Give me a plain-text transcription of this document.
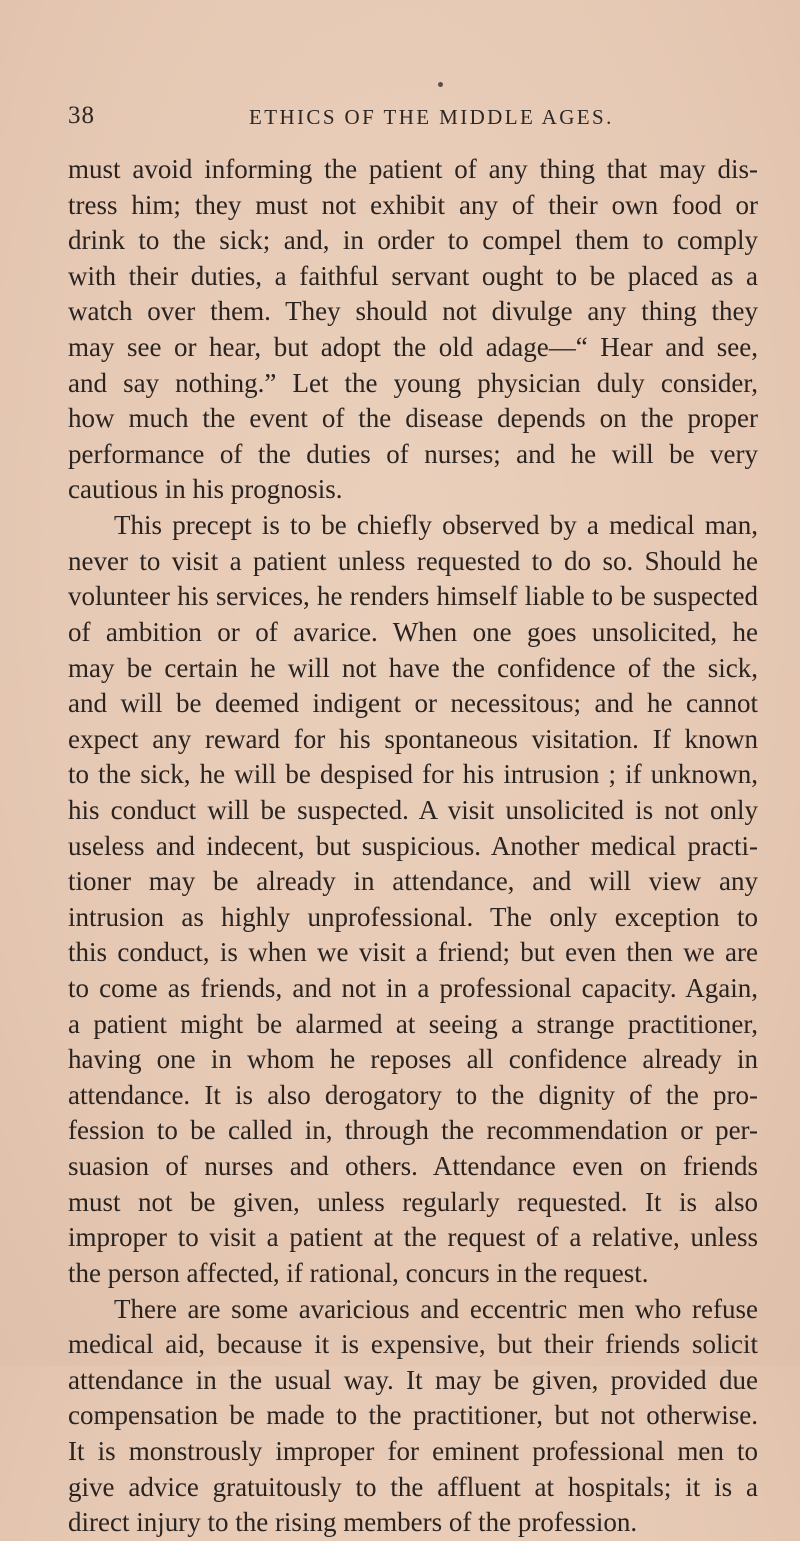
38	ETHICS OF THE MIDDLE AGES.
must avoid informing the patient of any thing that may dis-
tress him; they must not exhibit any of their own food or
drink to the sick; and, in order to compel them to comply
with their duties, a faithful servant ought to be placed as a
watch over them. They should not divulge any thing they
may see or hear, but adopt the old adage—“ Hear and see,
and say nothing.” Let the young physician duly consider,
how much the event of the disease depends on the proper
performance of the duties of nurses; and he will be very
cautious in his prognosis.
This precept is to be chiefly observed by a medical man,
never to visit a patient unless requested to do so. Should he
volunteer his services, he renders himself liable to be suspected
of ambition or of avarice. When one goes unsolicited, he
may be certain he will not have the confidence of the sick,
and will be deemed indigent or necessitous; and he cannot
expect any reward for his spontaneous visitation. If known
to the sick, he will be despised for his intrusion ; if unknown,
his conduct will be suspected. A visit unsolicited is not only
useless and indecent, but suspicious. Another medical practi-
tioner may be already in attendance, and will view any
intrusion as highly unprofessional. The only exception to
this conduct, is when we visit a friend; but even then we are
to come as friends, and not in a professional capacity. Again,
a patient might be alarmed at seeing a strange practitioner,
having one in whom he reposes all confidence already in
attendance. It is also derogatory to the dignity of the pro-
fession to be called in, through the recommendation or per-
suasion of nurses and others. Attendance even on friends
must not be given, unless regularly requested. It is also
improper to visit a patient at the request of a relative, unless
the person affected, if rational, concurs in the request.
There are some avaricious and eccentric men who refuse
medical aid, because it is expensive, but their friends solicit
attendance in the usual way. It may be given, provided due
compensation be made to the practitioner, but not otherwise.
It is monstrously improper for eminent professional men to
give advice gratuitously to the affluent at hospitals; it is a
direct injury to the rising members of the profession.
